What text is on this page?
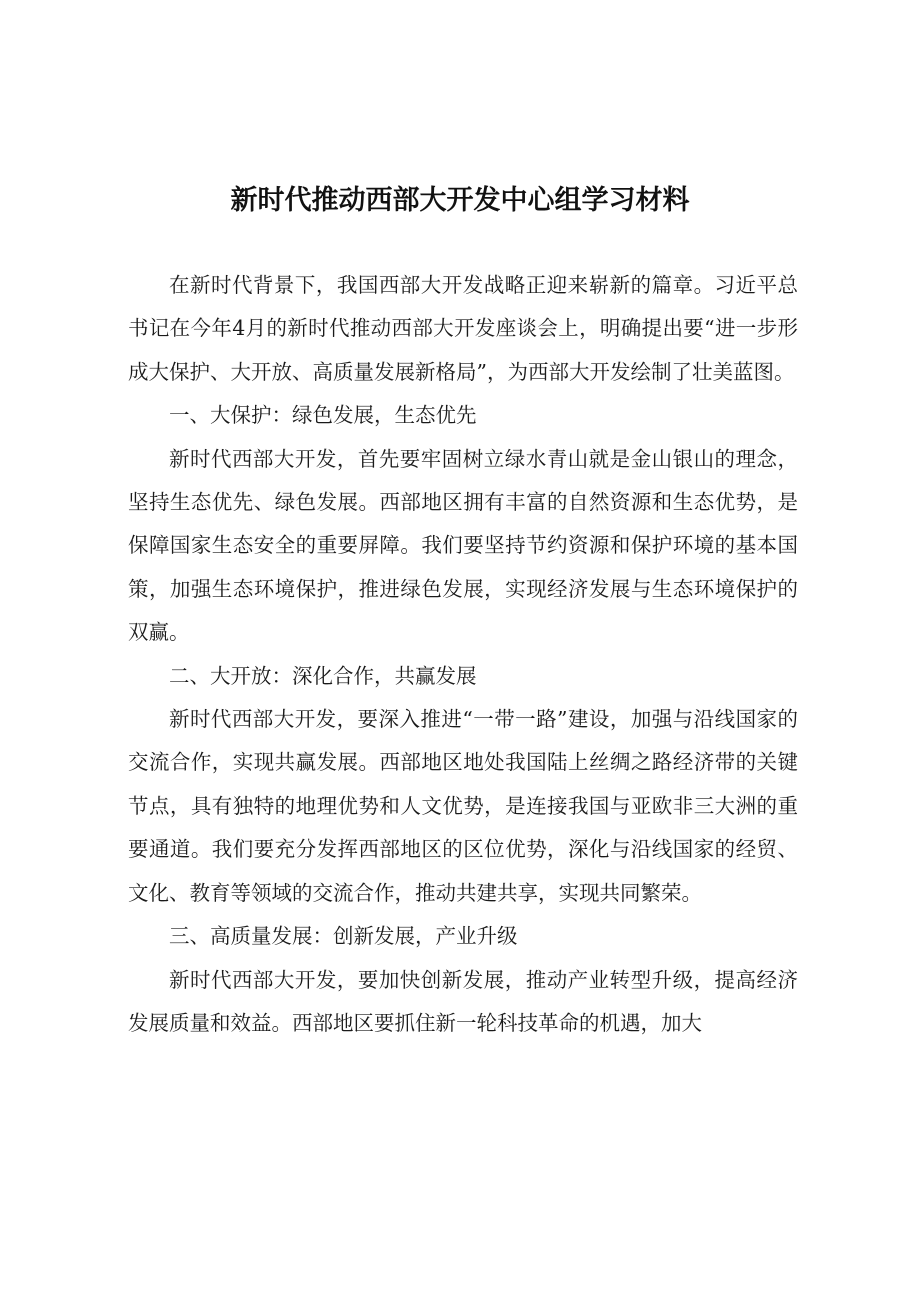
新时代推动西部大开发中心组学习材料

在新时代背景下，我国西部大开发战略正迎来崭新的篇章。习近平总书记在今年4月的新时代推动西部大开发座谈会上，明确提出要“进一步形成大保护、大开放、高质量发展新格局”，为西部大开发绘制了壮美蓝图。

一、大保护：绿色发展，生态优先

新时代西部大开发，首先要牢固树立绿水青山就是金山银山的理念，坚持生态优先、绿色发展。西部地区拥有丰富的自然资源和生态优势，是保障国家生态安全的重要屏障。我们要坚持节约资源和保护环境的基本国策，加强生态环境保护，推进绿色发展，实现经济发展与生态环境保护的双赢。

二、大开放：深化合作，共赢发展

新时代西部大开发，要深入推进“一带一路”建设，加强与沿线国家的交流合作，实现共赢发展。西部地区地处我国陆上丝绸之路经济带的关键节点，具有独特的地理优势和人文优势，是连接我国与亚欧非三大洲的重要通道。我们要充分发挥西部地区的区位优势，深化与沿线国家的经贸、文化、教育等领域的交流合作，推动共建共享，实现共同繁荣。

三、高质量发展：创新发展，产业升级

新时代西部大开发，要加快创新发展，推动产业转型升级，提高经济发展质量和效益。西部地区要抓住新一轮科技革命的机遇，加大
